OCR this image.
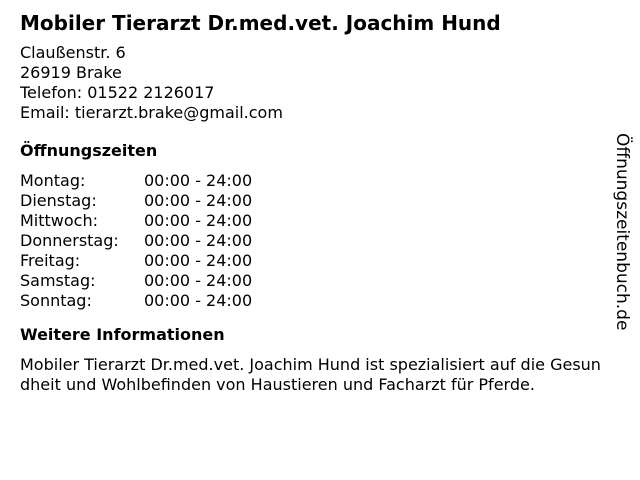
Mobiler Tierarzt Dr.med.vet. Joachim Hund
Claußenstr. 6
26919 Brake
Telefon: 01522 2126017
Email: tierarzt.brake@gmail.com
Öffnungszeiten
Montag:	00:00 - 24:00
Dienstag:	00:00 - 24:00
Mittwoch:	00:00 - 24:00
Donnerstag:	00:00 - 24:00
Freitag:	00:00 - 24:00
Samstag:	00:00 - 24:00
Sonntag:	00:00 - 24:00
Weitere Informationen
Mobiler Tierarzt Dr.med.vet. Joachim Hund ist spezialisiert auf die Gesundheit und Wohlbefinden von Haustieren und Facharzt für Pferde.
Öffnungszeitenbuch.de
